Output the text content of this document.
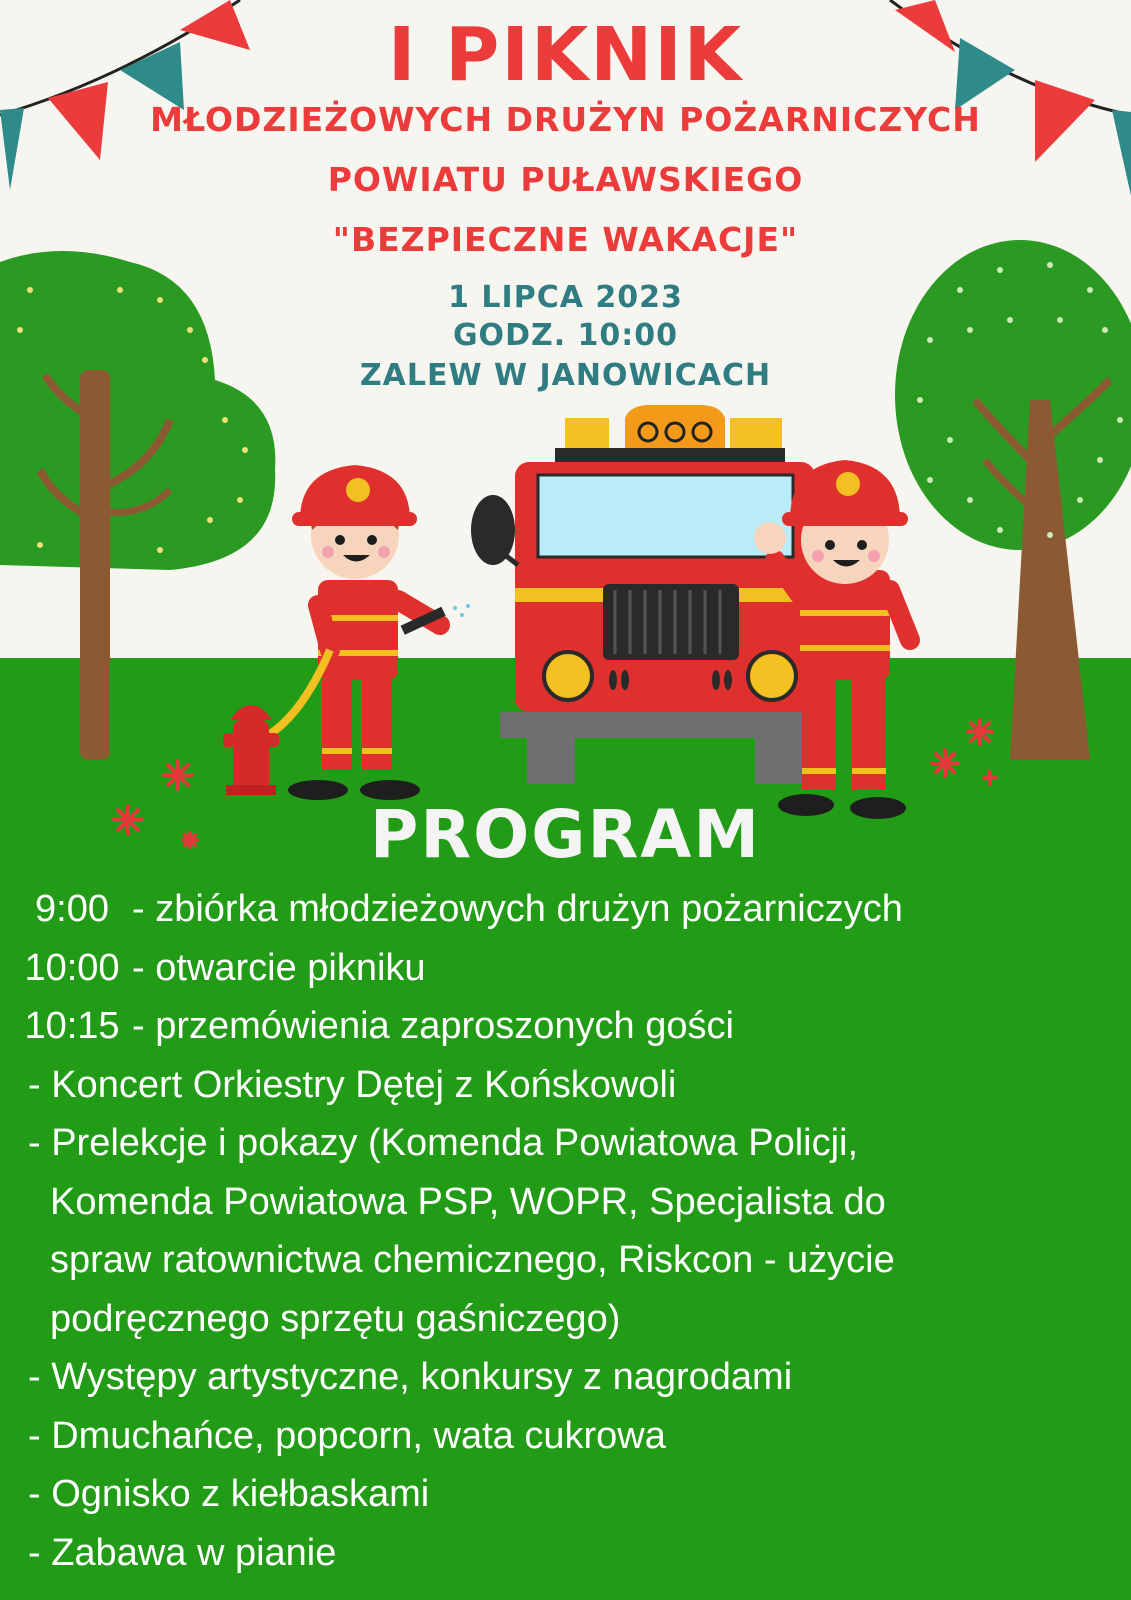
I PIKNIK
MŁODZIEŻOWYCH DRUŻYN POŻARNICZYCH
POWIATU PUŁAWSKIEGO
"BEZPIECZNE WAKACJE"
1 LIPCA 2023
GODZ. 10:00
ZALEW W JANOWICACH
PROGRAM
9:00 - zbiórka młodzieżowych drużyn pożarniczych
10:00 - otwarcie pikniku
10:15 - przemówienia zaproszonych gości
- Koncert Orkiestry Dętej z Końskowoli
- Prelekcje i pokazy (Komenda Powiatowa Policji,
Komenda Powiatowa PSP, WOPR, Specjalista do
spraw ratownictwa chemicznego, Riskcon - użycie
podręcznego sprzętu gaśniczego)
- Występy artystyczne, konkursy z nagrodami
- Dmuchańce, popcorn, wata cukrowa
- Ognisko z kiełbaskami
- Zabawa w pianie
